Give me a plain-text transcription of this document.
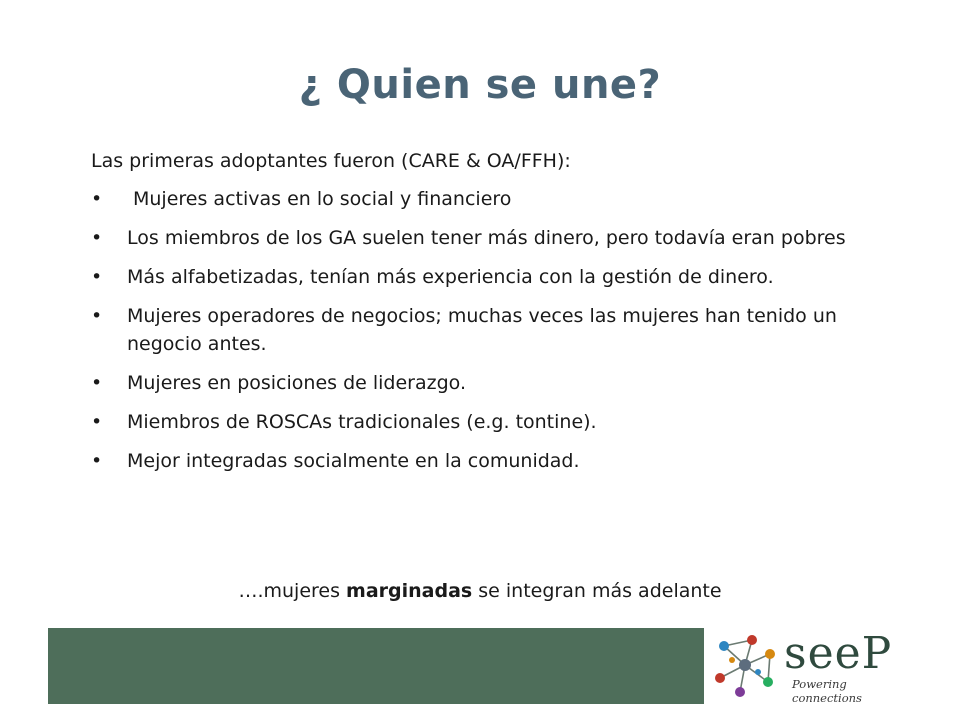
¿ Quien se une?

Las primeras adoptantes fueron (CARE & OA/FFH):

•	Mujeres activas en lo social y financiero
•	Los miembros de los GA suelen tener más dinero, pero todavía eran pobres
•	Más alfabetizadas, tenían más experiencia con la gestión de dinero.
•	Mujeres operadores de negocios; muchas veces las mujeres han tenido un negocio antes.
•	Mujeres en posiciones de liderazgo.
•	Miembros de ROSCAs tradicionales (e.g. tontine).
•	Mejor integradas socialmente en la comunidad.

….mujeres marginadas se integran más adelante

seeP

Powering connections
